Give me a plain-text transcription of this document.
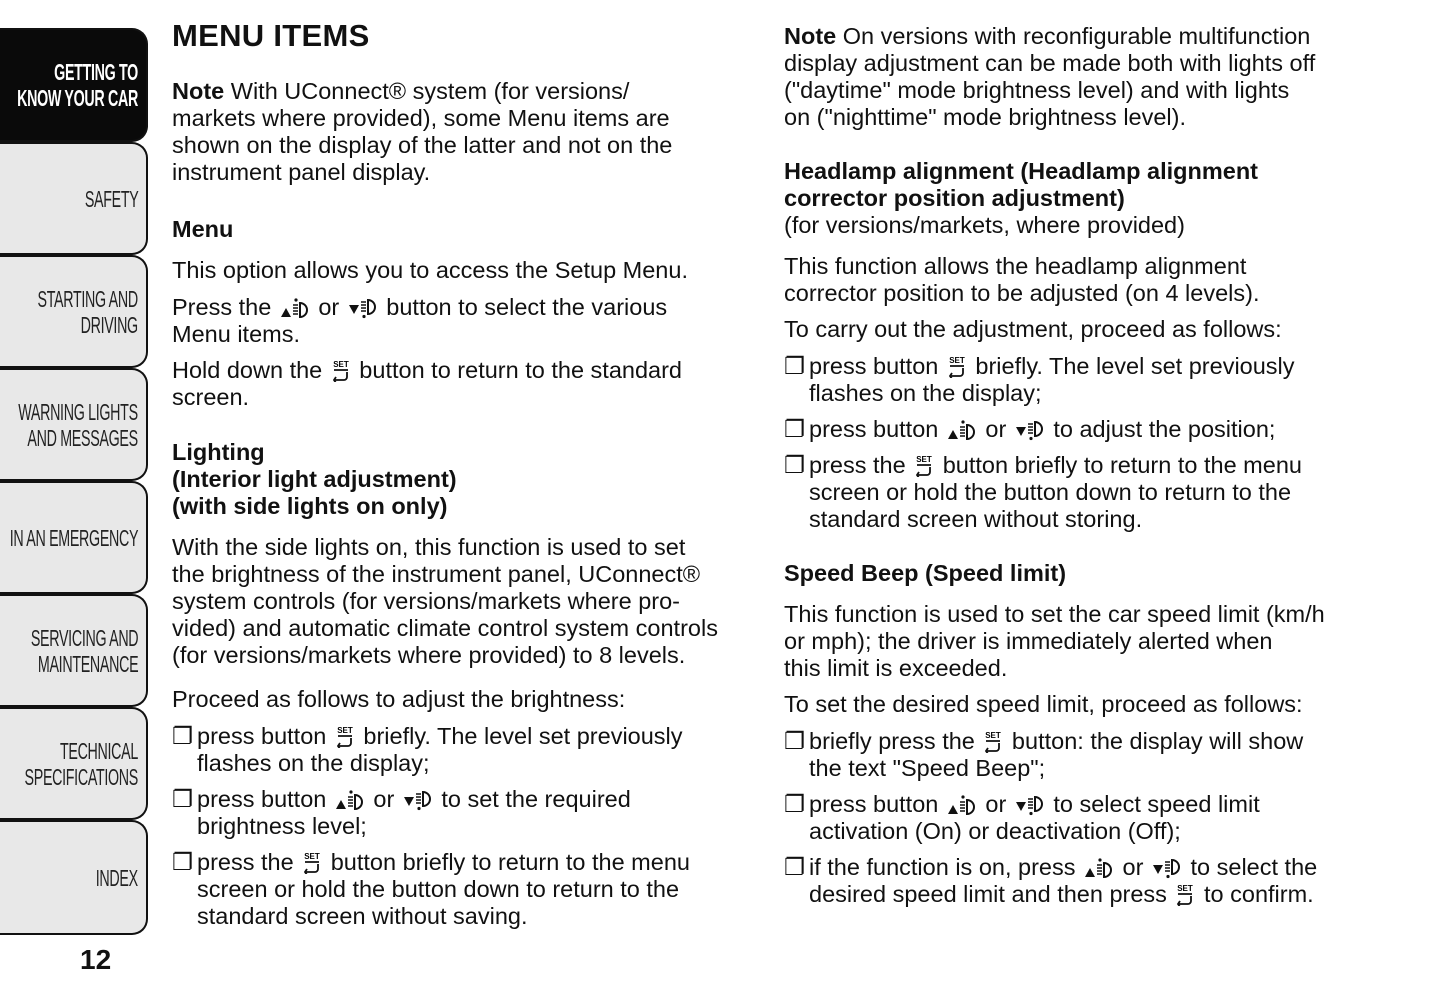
GETTING TO
KNOW YOUR CAR
SAFETY
STARTING AND
DRIVING
WARNING LIGHTS
AND MESSAGES
IN AN EMERGENCY
SERVICING AND
MAINTENANCE
TECHNICAL
SPECIFICATIONS
INDEX
12
MENU ITEMS
Note With UConnect® system (for versions/
markets where provided), some Menu items are
shown on the display of the latter and not on the
instrument panel display.
Menu
This option allows you to access the Setup Menu.
Press the  or  button to select the various
Menu items.
Hold down the SET button to return to the standard
screen.
Lighting
(Interior light adjustment)
(with side lights on only)
With the side lights on, this function is used to set
the brightness of the instrument panel, UConnect®
system controls (for versions/markets where pro-
vided) and automatic climate control system controls
(for versions/markets where provided) to 8 levels.
Proceed as follows to adjust the brightness:
❐ press button SET briefly. The level set previously
flashes on the display;
❐ press button  or  to set the required
brightness level;
❐ press the SET button briefly to return to the menu
screen or hold the button down to return to the
standard screen without saving.
Note On versions with reconfigurable multifunction
display adjustment can be made both with lights off
("daytime" mode brightness level) and with lights
on ("nighttime" mode brightness level).
Headlamp alignment (Headlamp alignment
corrector position adjustment)
(for versions/markets, where provided)
This function allows the headlamp alignment
corrector position to be adjusted (on 4 levels).
To carry out the adjustment, proceed as follows:
❐ press button SET briefly. The level set previously
flashes on the display;
❐ press button  or  to adjust the position;
❐ press the SET button briefly to return to the menu
screen or hold the button down to return to the
standard screen without storing.
Speed Beep (Speed limit)
This function is used to set the car speed limit (km/h
or mph); the driver is immediately alerted when
this limit is exceeded.
To set the desired speed limit, proceed as follows:
❐ briefly press the SET button: the display will show
the text "Speed Beep";
❐ press button  or  to select speed limit
activation (On) or deactivation (Off);
❐ if the function is on, press  or  to select the
desired speed limit and then press SET to confirm.
